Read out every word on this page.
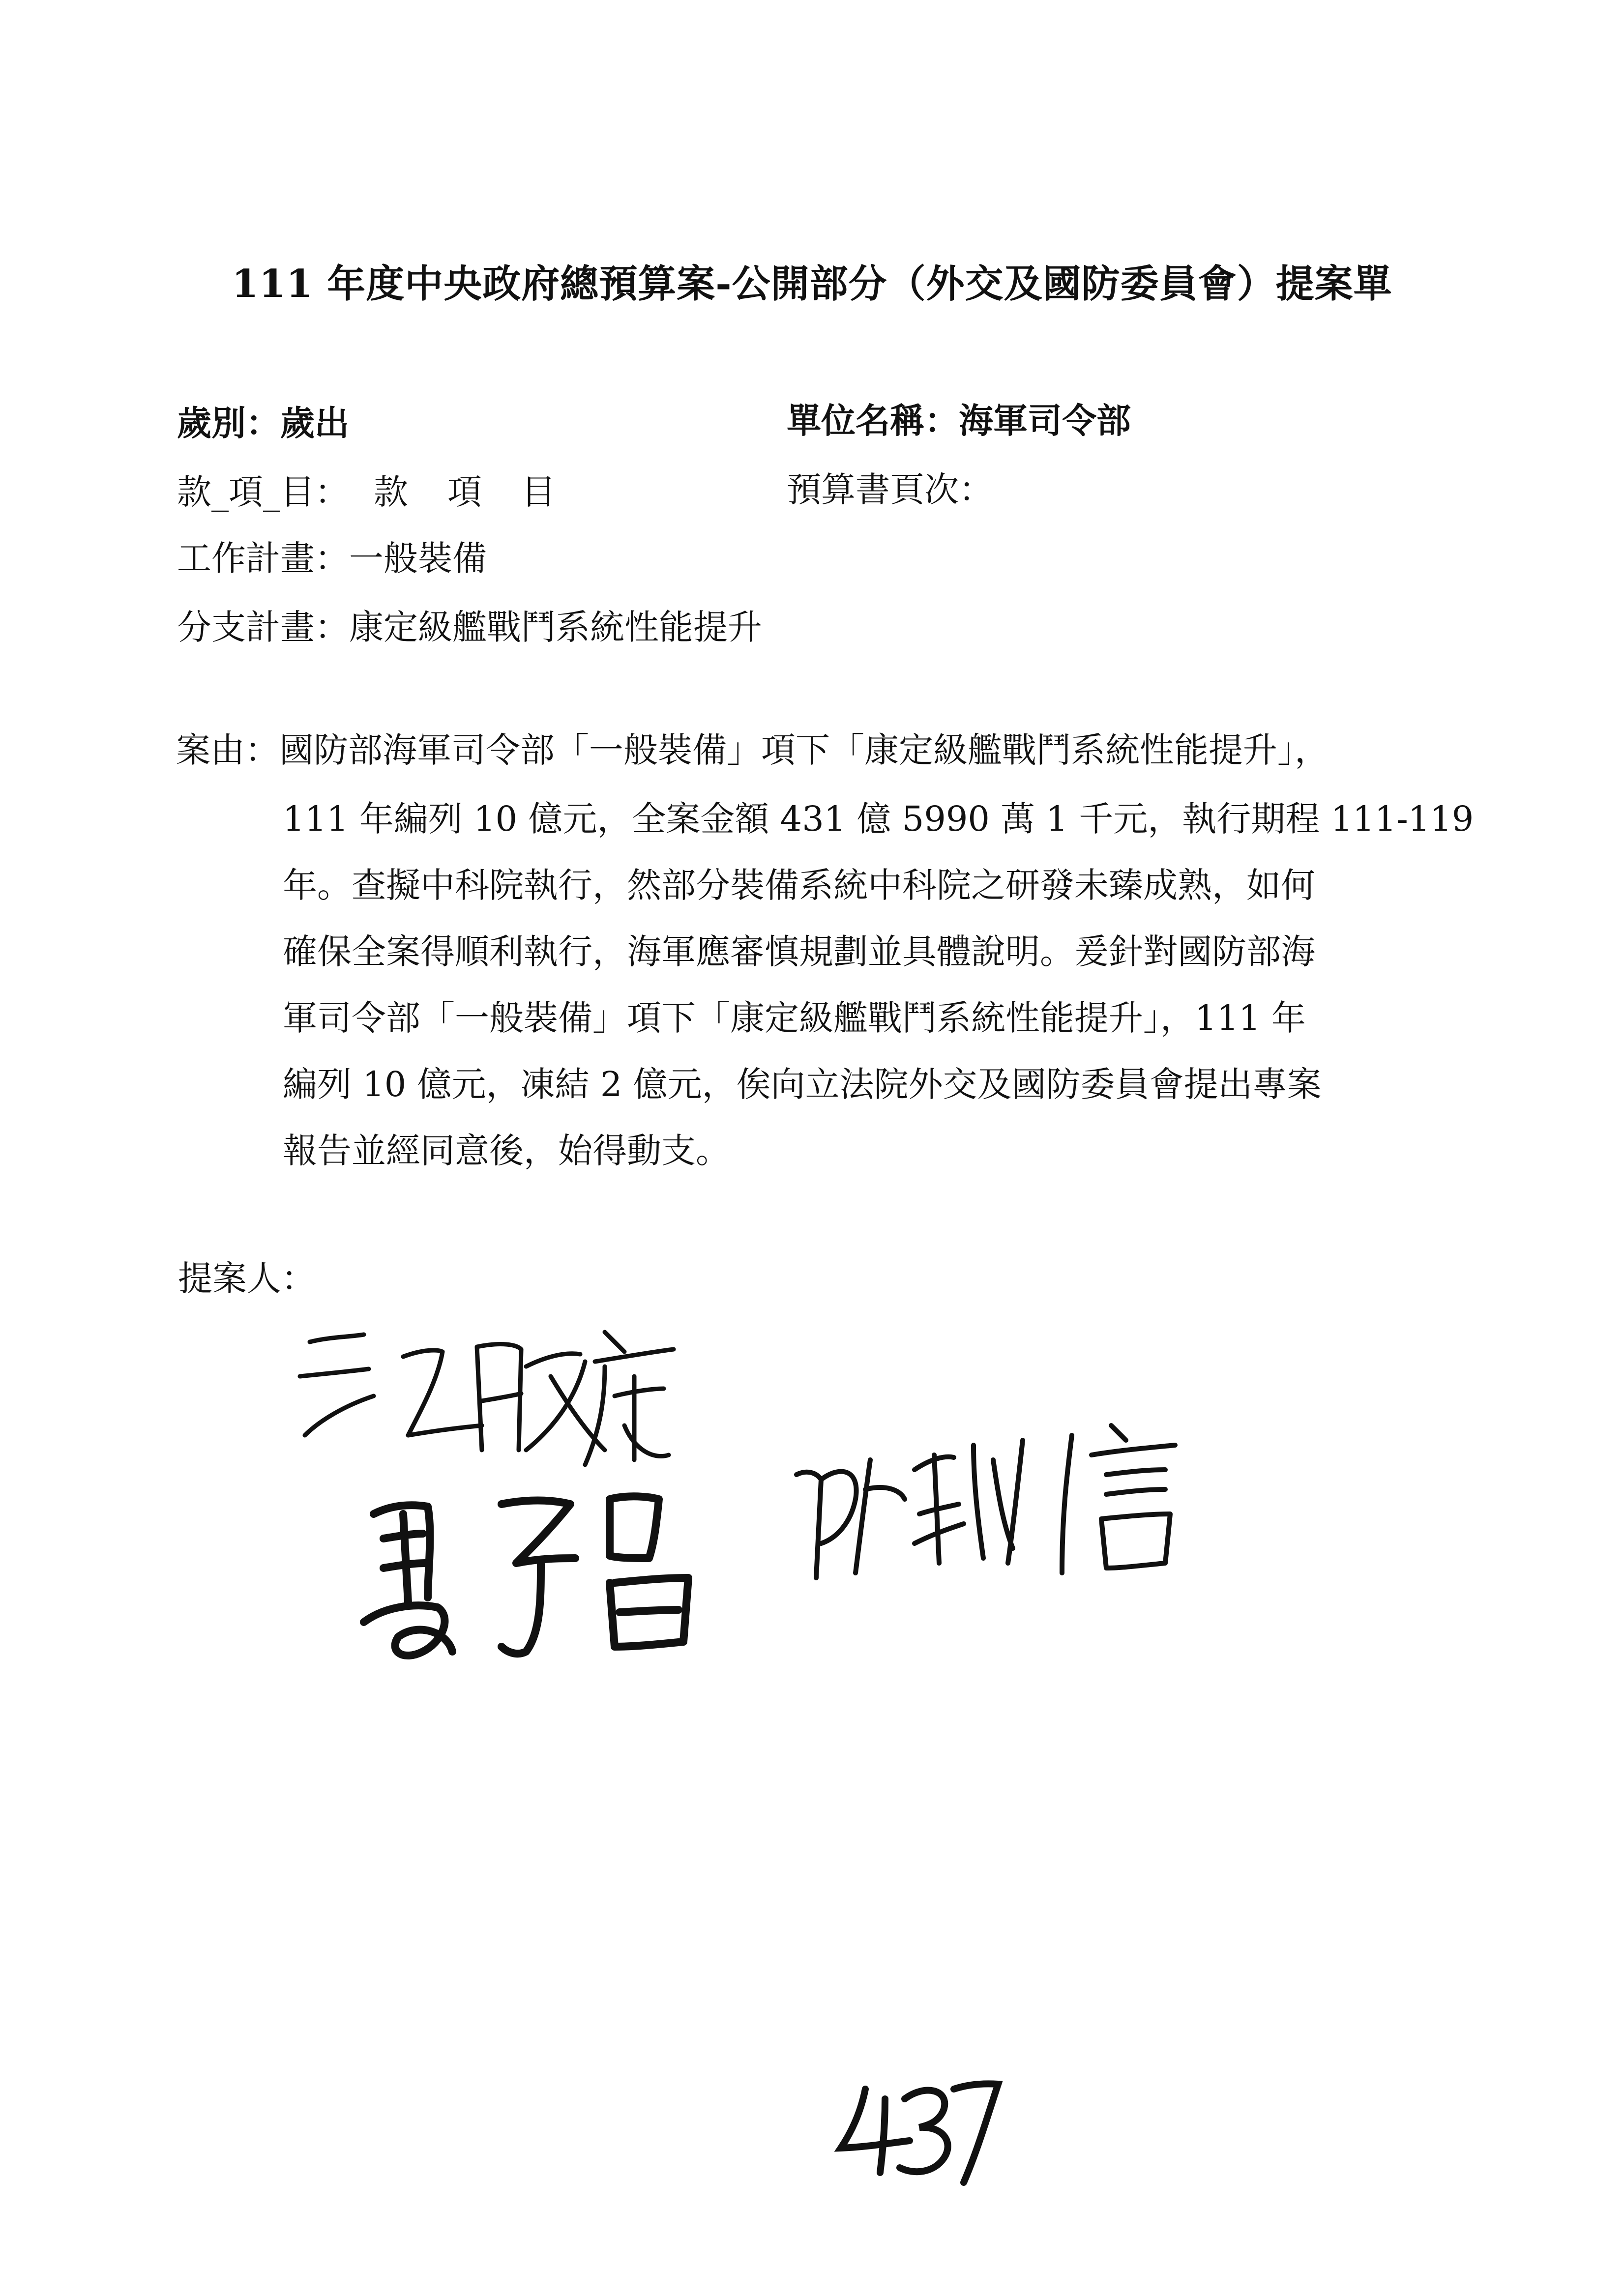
111 年度中央政府總預算案-公開部分（外交及國防委員會）提案單
歲別：歲出	單位名稱：海軍司令部
款_項_目： 款 項 目	預算書頁次：
工作計畫：一般裝備
分支計畫：康定級艦戰鬥系統性能提升
案由：國防部海軍司令部「一般裝備」項下「康定級艦戰鬥系統性能提升」，
111 年編列 10 億元，全案金額 431 億 5990 萬 1 千元，執行期程 111-119
年。查擬中科院執行，然部分裝備系統中科院之研發未臻成熟，如何
確保全案得順利執行，海軍應審慎規劃並具體說明。爰針對國防部海
軍司令部「一般裝備」項下「康定級艦戰鬥系統性能提升」，111 年
編列 10 億元，凍結 2 億元，俟向立法院外交及國防委員會提出專案
報告並經同意後，始得動支。
提案人：
